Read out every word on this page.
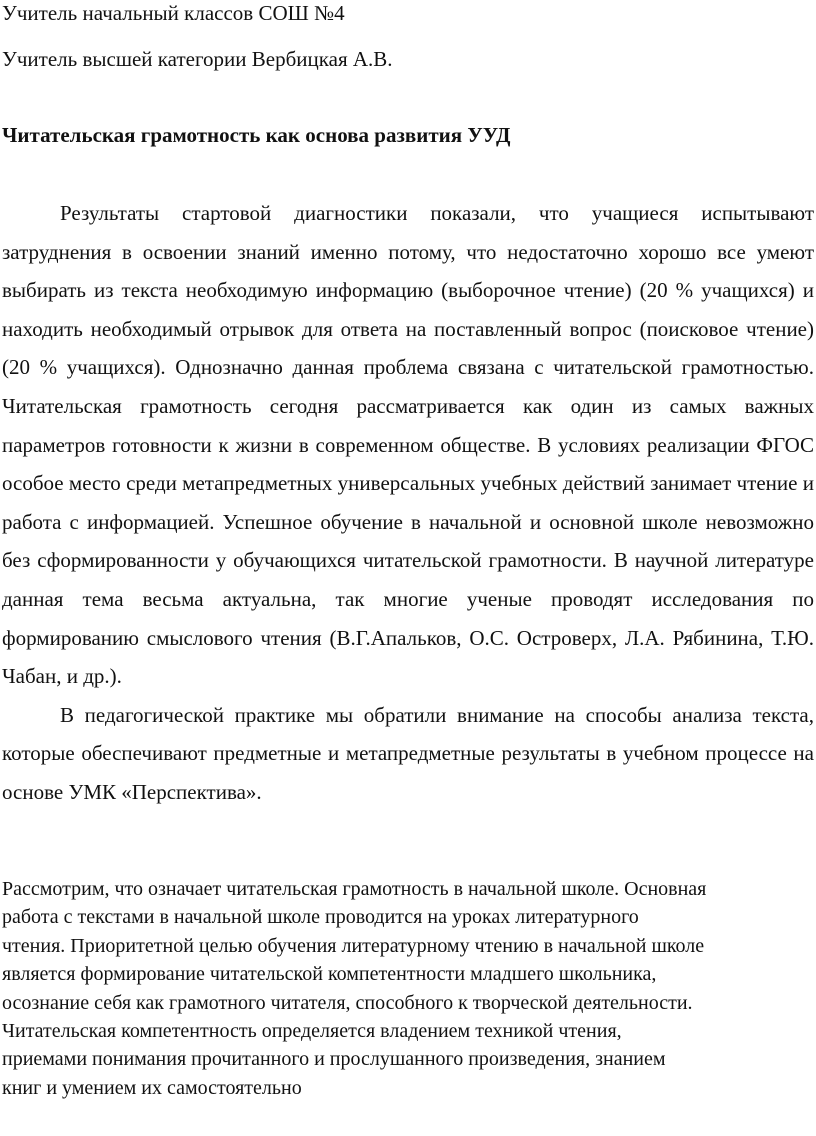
Учитель начальный классов СОШ №4
Учитель высшей категории Вербицкая А.В.
Читательская грамотность как основа развития УУД

Результаты стартовой диагностики показали, что учащиеся испытывают затруднения в освоении знаний именно потому, что недостаточно хорошо все умеют выбирать из текста необходимую информацию (выборочное чтение) (20 % учащихся) и находить необходимый отрывок для ответа на поставленный вопрос (поисковое чтение) (20 % учащихся). Однозначно данная проблема связана с читательской грамотностью. Читательская грамотность сегодня рассматривается как один из самых важных параметров готовности к жизни в современном обществе. В условиях реализации ФГОС особое место среди метапредметных универсальных учебных действий занимает чтение и работа с информацией. Успешное обучение в начальной и основной школе невозможно без сформированности у обучающихся читательской грамотности. В научной литературе данная тема весьма актуальна, так многие ученые проводят исследования по формированию смыслового чтения (В.Г.Апальков, О.С. Островерх, Л.А. Рябинина, Т.Ю. Чабан, и др.).

В педагогической практике мы обратили внимание на способы анализа текста, которые обеспечивают предметные и метапредметные результаты в учебном процессе на основе УМК «Перспектива».

Рассмотрим, что означает читательская грамотность в начальной школе. Основная

работа с текстами в начальной школе проводится на уроках литературного

чтения. Приоритетной целью обучения литературному чтению в начальной школе

является формирование читательской компетентности младшего школьника,

осознание себя как грамотного читателя, способного к творческой деятельности.

Читательская компетентность определяется владением техникой чтения,

приемами понимания прочитанного и прослушанного произведения, знанием

книг и умением их самостоятельно
